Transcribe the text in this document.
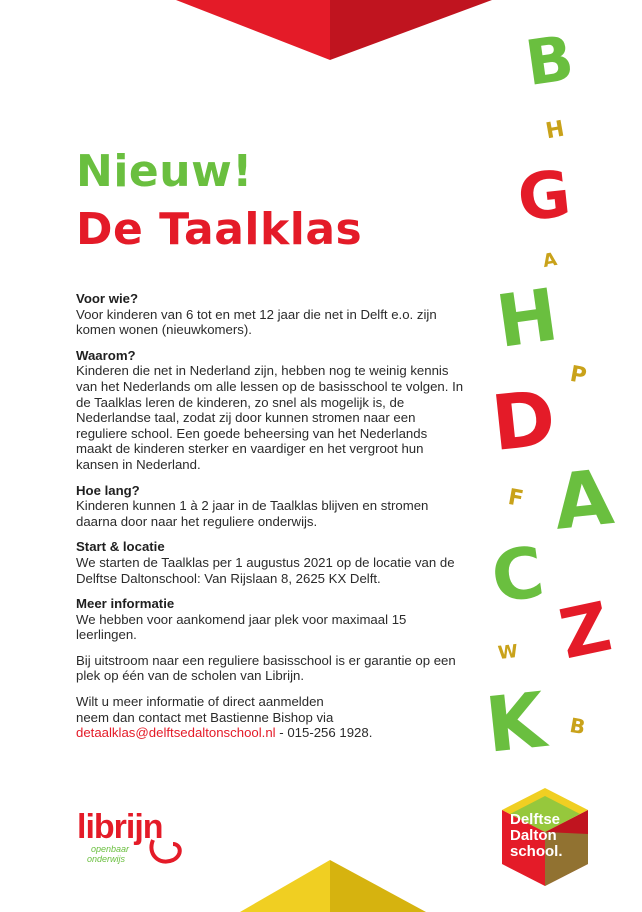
Nieuw!
De Taalklas
Voor wie?
Voor kinderen van 6 tot en met 12 jaar die net in Delft e.o. zijn komen wonen (nieuwkomers).
Waarom?
Kinderen die net in Nederland zijn, hebben nog te weinig kennis van het Nederlands om alle lessen op de basisschool te volgen. In de Taalklas leren de kinderen, zo snel als mogelijk is, de Nederlandse taal, zodat zij door kunnen stromen naar een reguliere school. Een goede beheersing van het Nederlands maakt de kinderen sterker en vaardiger en het vergroot hun kansen in Nederland.
Hoe lang?
Kinderen kunnen 1 à 2 jaar in de Taalklas blijven en stromen daarna door naar het reguliere onderwijs.
Start & locatie
We starten de Taalklas per 1 augustus 2021 op de locatie van de Delftse Daltonschool: Van Rijslaan 8, 2625 KX Delft.
Meer informatie
We hebben voor aankomend jaar plek voor maximaal 15 leerlingen.
Bij uitstroom naar een reguliere basisschool is er garantie op een plek op één van de scholen van Librijn.
Wilt u meer informatie of direct aanmelden
neem dan contact met Bastienne Bishop via
detaalklas@delftsedaltonschool.nl - 015-256 1928.
B
H
G
A
H
P
D
F A
C
Z
W
K B
librijn
openbaar
onderwijs
Delftse
Dalton
school.
